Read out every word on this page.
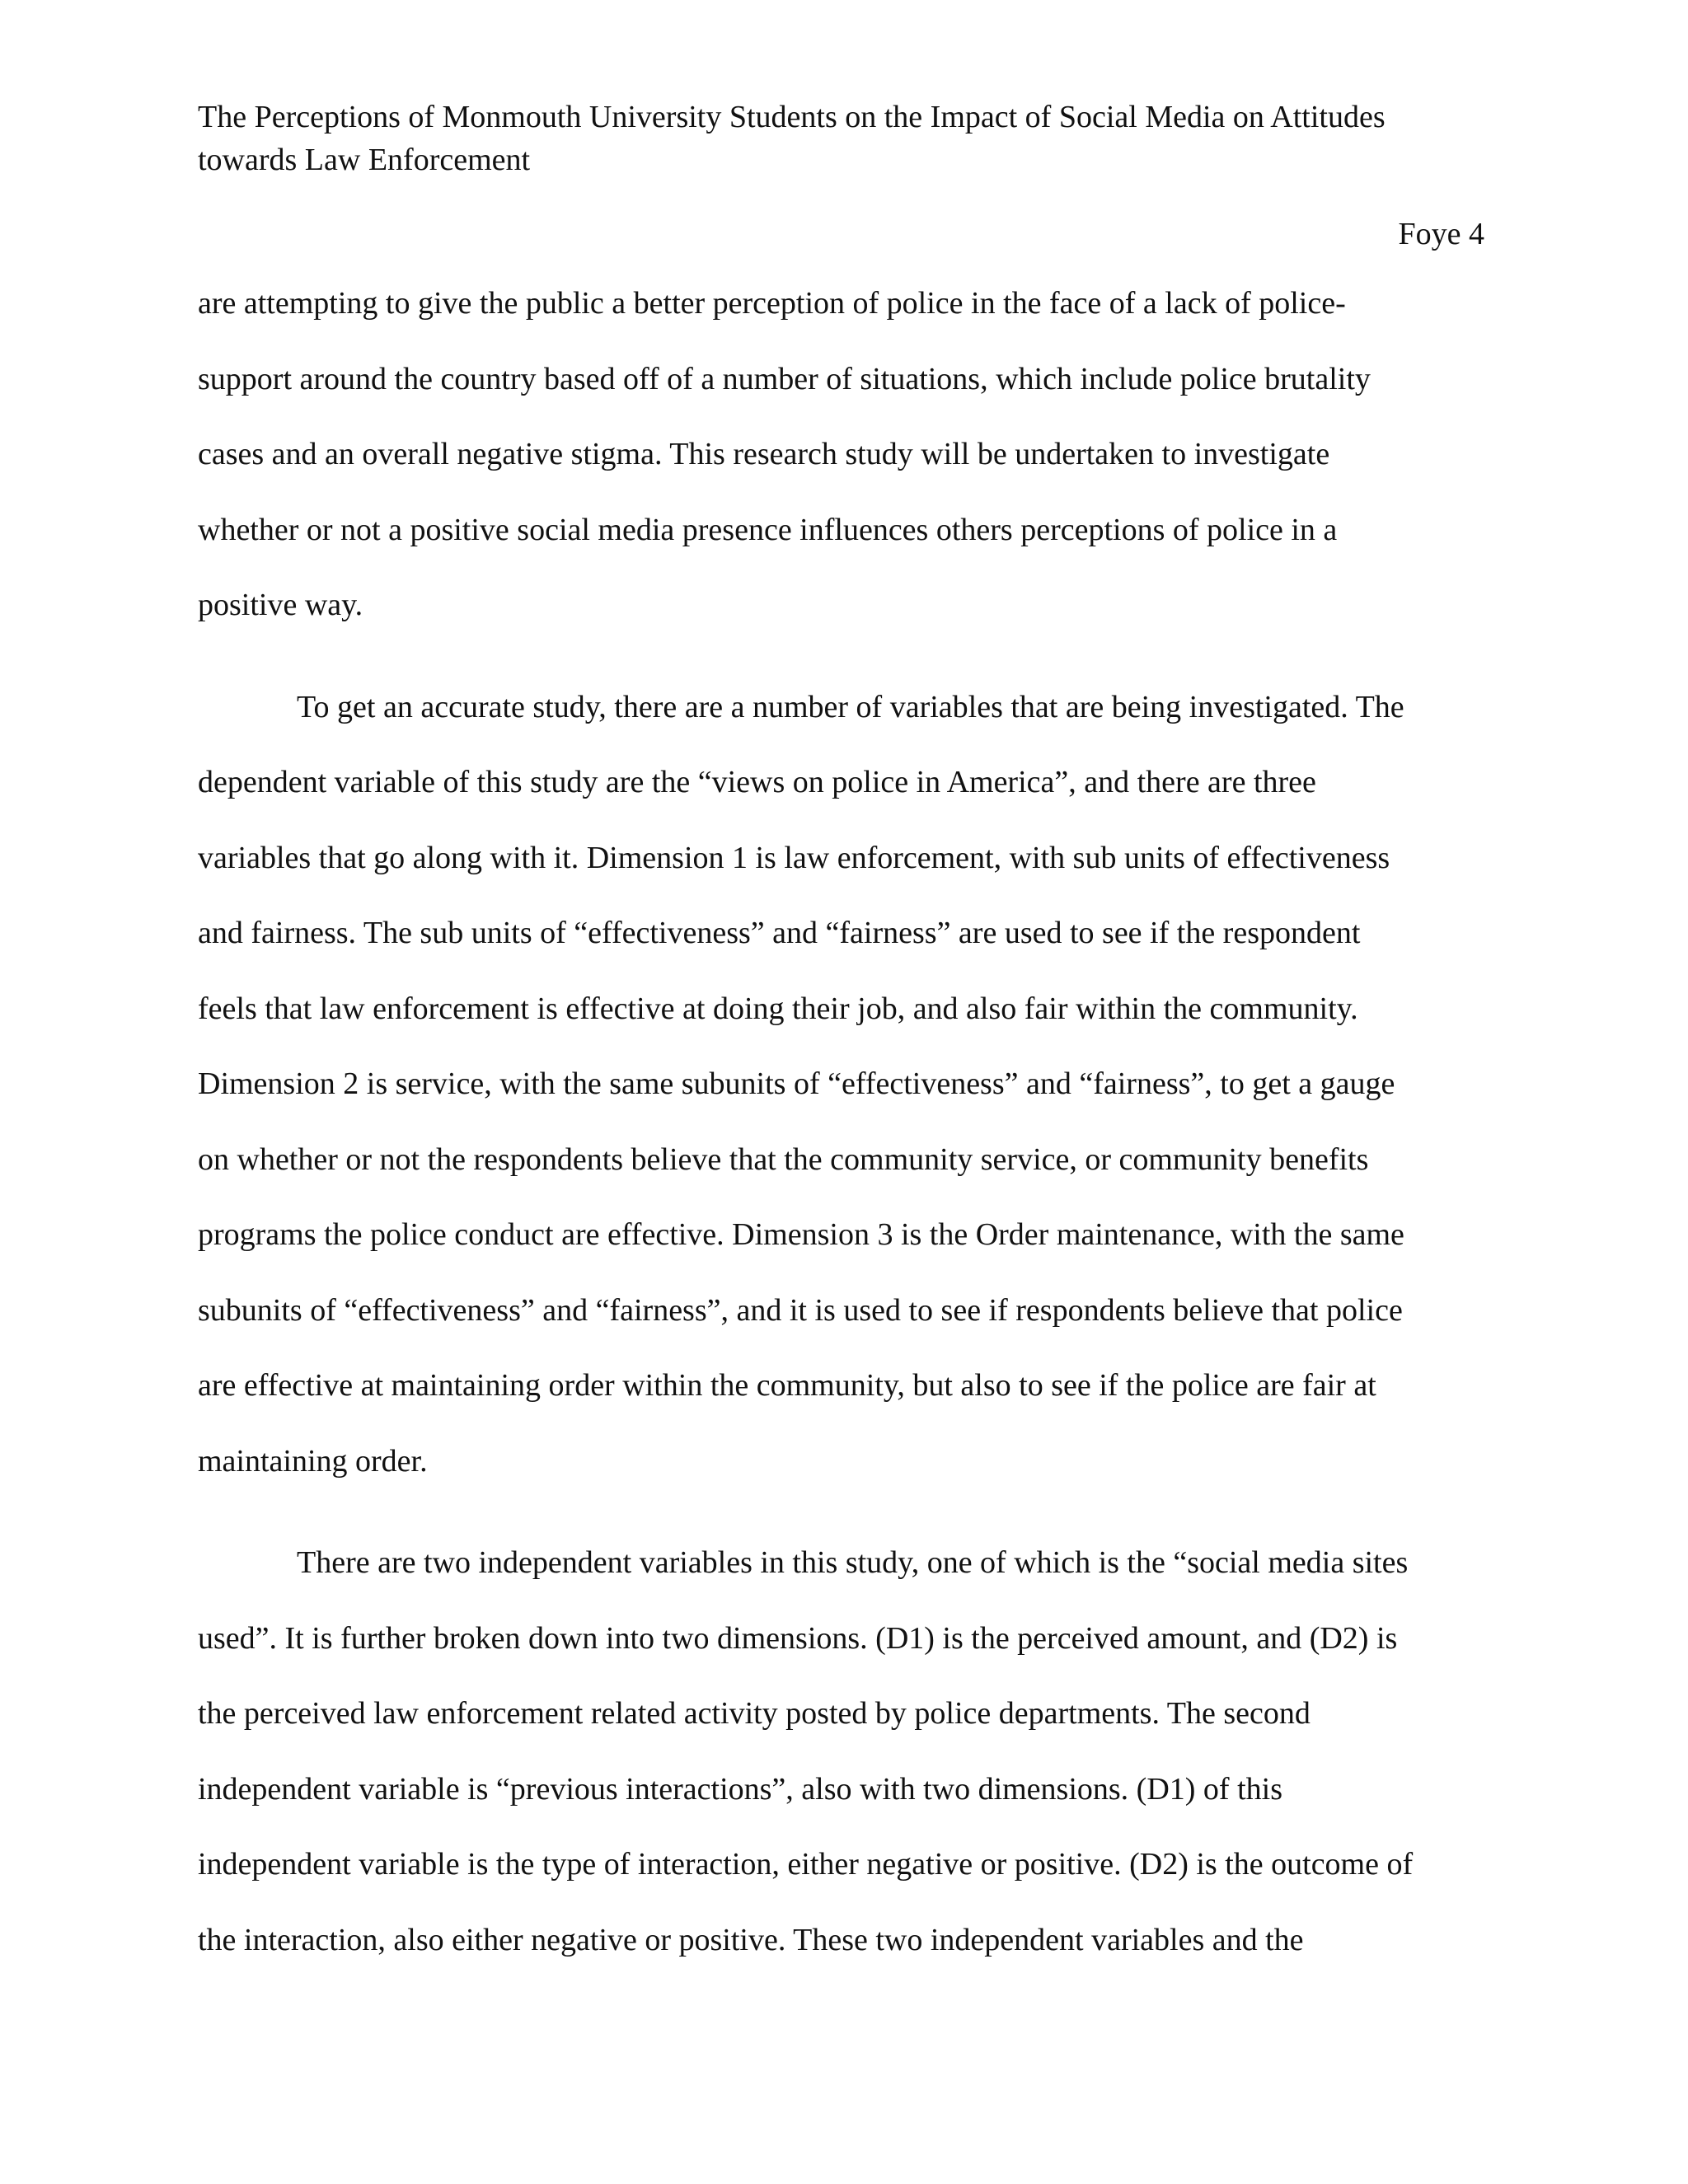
The Perceptions of Monmouth University Students on the Impact of Social Media on Attitudes
towards Law Enforcement
Foye 4
are attempting to give the public a better perception of police in the face of a lack of police-
support around the country based off of a number of situations, which include police brutality
cases and an overall negative stigma. This research study will be undertaken to investigate
whether or not a positive social media presence influences others perceptions of police in a
positive way.
To get an accurate study, there are a number of variables that are being investigated. The
dependent variable of this study are the “views on police in America”, and there are three
variables that go along with it. Dimension 1 is law enforcement, with sub units of effectiveness
and fairness. The sub units of “effectiveness” and “fairness” are used to see if the respondent
feels that law enforcement is effective at doing their job, and also fair within the community.
Dimension 2 is service, with the same subunits of “effectiveness” and “fairness”, to get a gauge
on whether or not the respondents believe that the community service, or community benefits
programs the police conduct are effective. Dimension 3 is the Order maintenance, with the same
subunits of “effectiveness” and “fairness”, and it is used to see if respondents believe that police
are effective at maintaining order within the community, but also to see if the police are fair at
maintaining order.
There are two independent variables in this study, one of which is the “social media sites
used”. It is further broken down into two dimensions. (D1) is the perceived amount, and (D2) is
the perceived law enforcement related activity posted by police departments. The second
independent variable is “previous interactions”, also with two dimensions. (D1) of this
independent variable is the type of interaction, either negative or positive. (D2) is the outcome of
the interaction, also either negative or positive. These two independent variables and the
